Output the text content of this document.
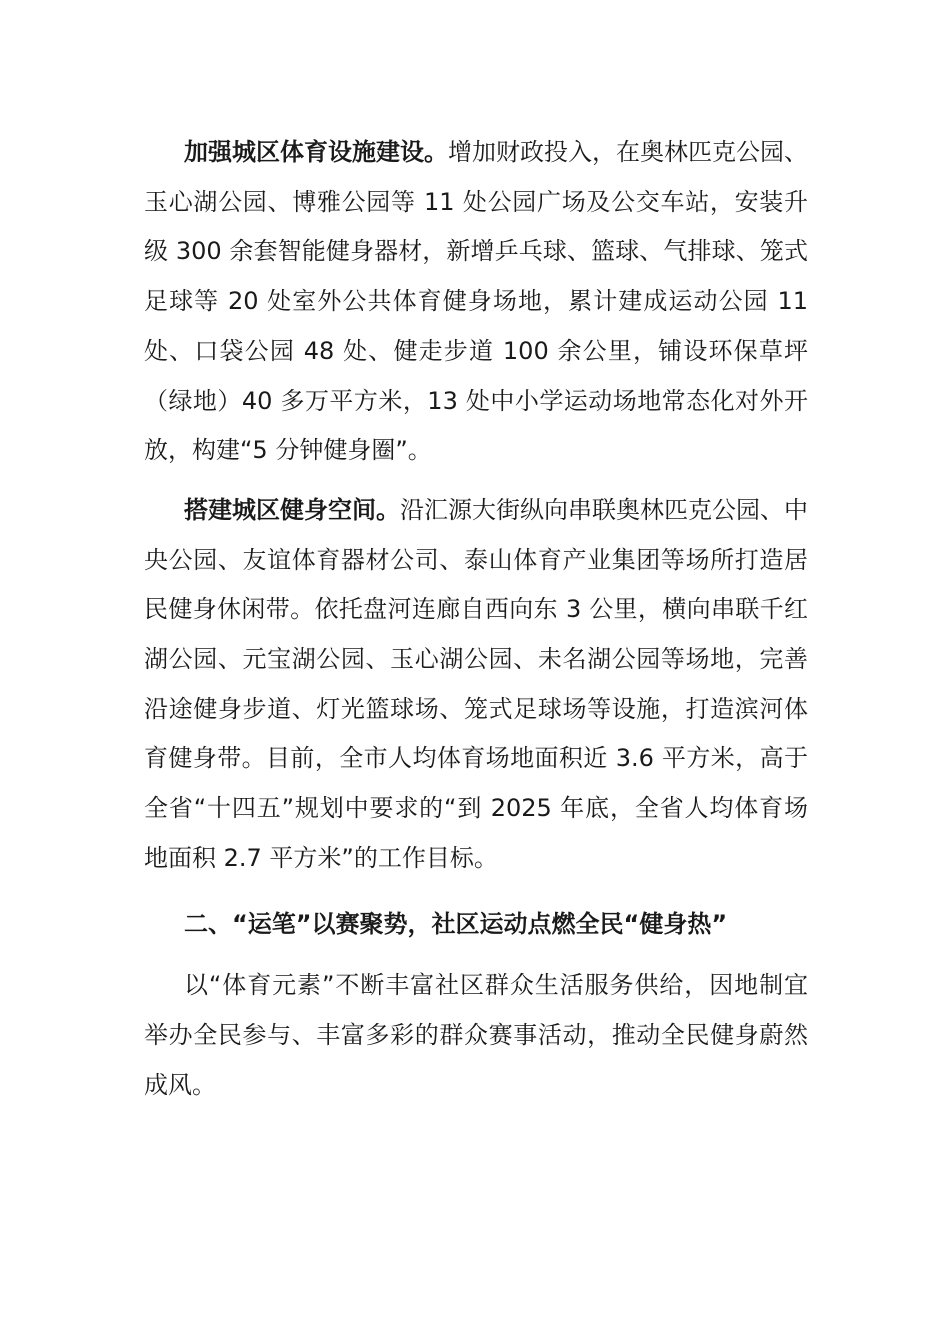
加强城区体育设施建设。增加财政投入，在奥林匹克公园、玉心湖公园、博雅公园等 11 处公园广场及公交车站，安装升级 300 余套智能健身器材，新增乒乓球、篮球、气排球、笼式足球等 20 处室外公共体育健身场地，累计建成运动公园 11 处、口袋公园 48 处、健走步道 100 余公里，铺设环保草坪（绿地）40 多万平方米，13 处中小学运动场地常态化对外开放，构建“5 分钟健身圈”。

搭建城区健身空间。沿汇源大街纵向串联奥林匹克公园、中央公园、友谊体育器材公司、泰山体育产业集团等场所打造居民健身休闲带。依托盘河连廊自西向东 3 公里，横向串联千红湖公园、元宝湖公园、玉心湖公园、未名湖公园等场地，完善沿途健身步道、灯光篮球场、笼式足球场等设施，打造滨河体育健身带。目前，全市人均体育场地面积近 3.6 平方米，高于全省“十四五”规划中要求的“到 2025 年底，全省人均体育场地面积 2.7 平方米”的工作目标。

二、“运笔”以赛聚势，社区运动点燃全民“健身热”

以“体育元素”不断丰富社区群众生活服务供给，因地制宜举办全民参与、丰富多彩的群众赛事活动，推动全民健身蔚然成风。
